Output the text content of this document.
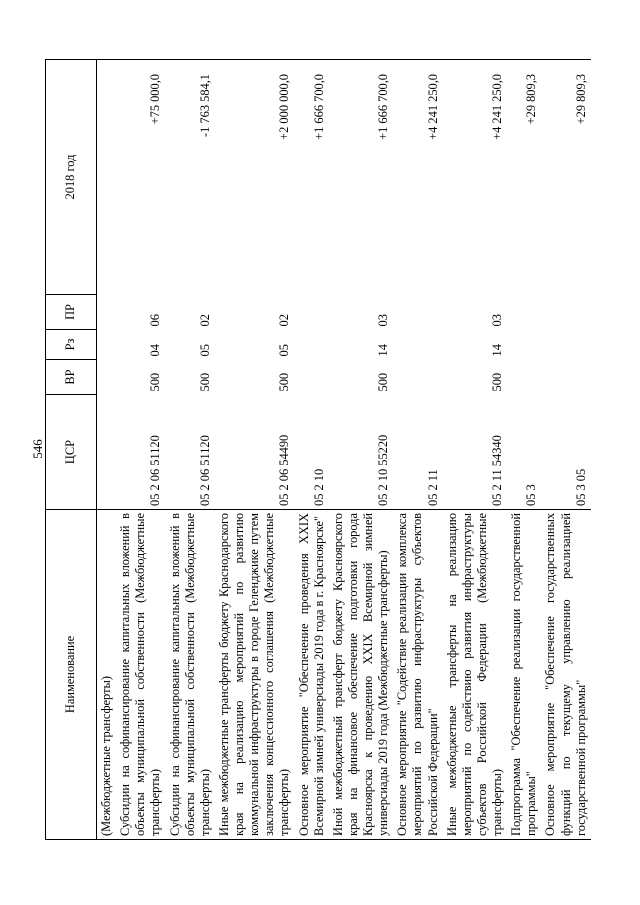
546
Наименование	ЦСР	ВР	Рз	ПР	2018 год
(Межбюджетные трансферты)					
Субсидии на софинансирование капитальных вложений в объекты муниципальной собственности (Межбюджетные трансферты)	05 2 06 51120	500	04	06	+75 000,0
Субсидии на софинансирование капитальных вложений в объекты муниципальной собственности (Межбюджетные трансферты)	05 2 06 51120	500	05	02	-1 763 584,1
Иные межбюджетные трансферты бюджету Краснодарского края на реализацию мероприятий по развитию коммунальной инфраструктуры в городе Геленджике путем заключения концессионного соглашения (Межбюджетные трансферты)	05 2 06 54490	500	05	02	+2 000 000,0
Основное мероприятие "Обеспечение проведения XXIX Всемирной зимней универсиады 2019 года в г. Красноярске"	05 2 10				+1 666 700,0
Иной межбюджетный трансферт бюджету Красноярского края на финансовое обеспечение подготовки города Красноярска к проведению XXIX Всемирной зимней универсиады 2019 года (Межбюджетные трансферты)	05 2 10 55220	500	14	03	+1 666 700,0
Основное мероприятие "Содействие реализации комплекса мероприятий по развитию инфраструктуры субъектов Российской Федерации"	05 2 11				+4 241 250,0
Иные межбюджетные трансферты на реализацию мероприятий по содействию развития инфраструктуры субъектов Российской Федерации (Межбюджетные трансферты)	05 2 11 54340	500	14	03	+4 241 250,0
Подпрограмма "Обеспечение реализации государственной программы"	05 3				+29 809,3
Основное мероприятие "Обеспечение государственных функций по текущему управлению реализацией государственной программы"	05 3 05				+29 809,3
